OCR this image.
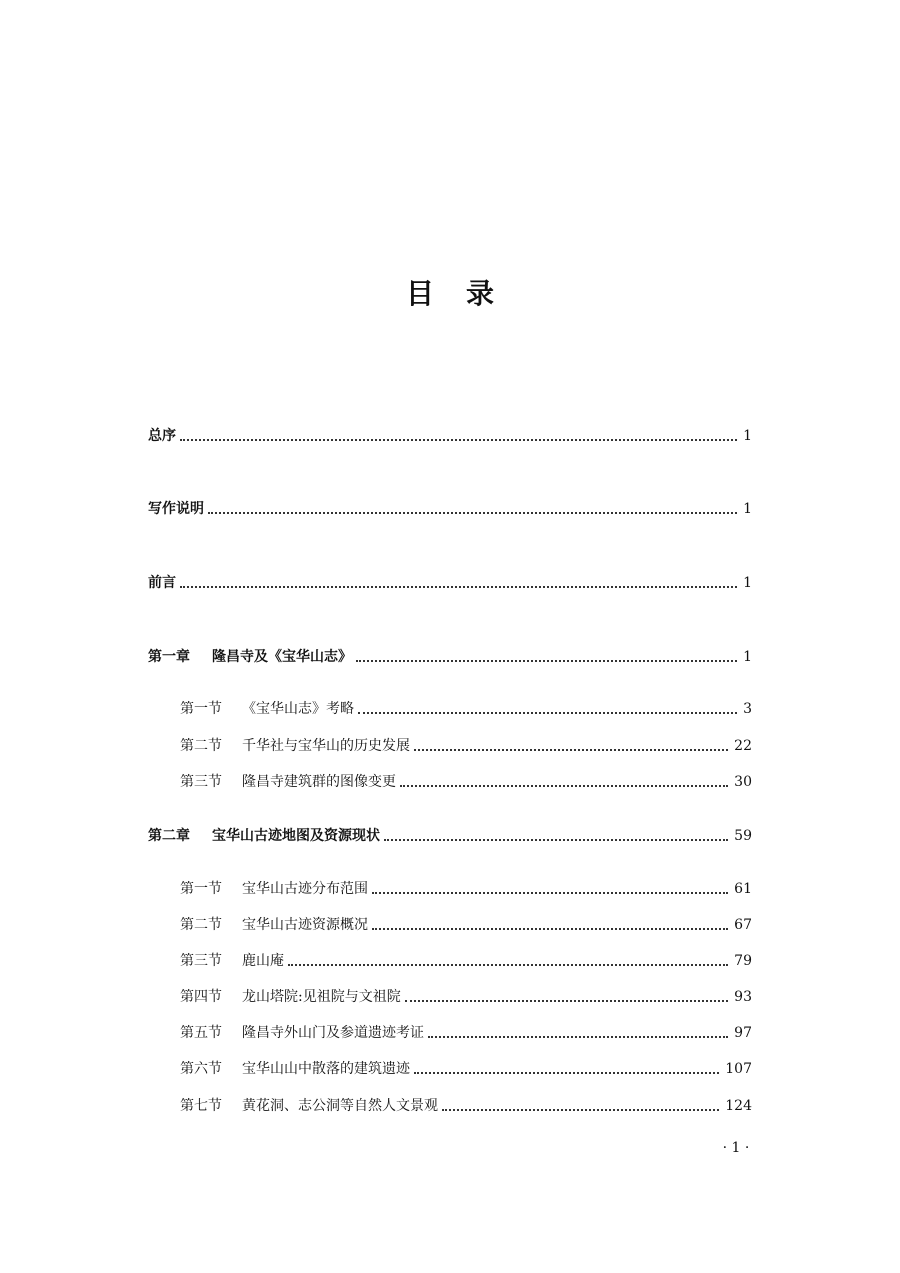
目 录
总序	1
写作说明	1
前言	1
第一章	隆昌寺及《宝华山志》	1
第一节	《宝华山志》考略	3
第二节	千华社与宝华山的历史发展	22
第三节	隆昌寺建筑群的图像变更	30
第二章	宝华山古迹地图及资源现状	59
第一节	宝华山古迹分布范围	61
第二节	宝华山古迹资源概况	67
第三节	鹿山庵	79
第四节	龙山塔院:见祖院与文祖院	93
第五节	隆昌寺外山门及参道遗迹考证	97
第六节	宝华山山中散落的建筑遗迹	107
第七节	黄花洞、志公洞等自然人文景观	124
· 1 ·
